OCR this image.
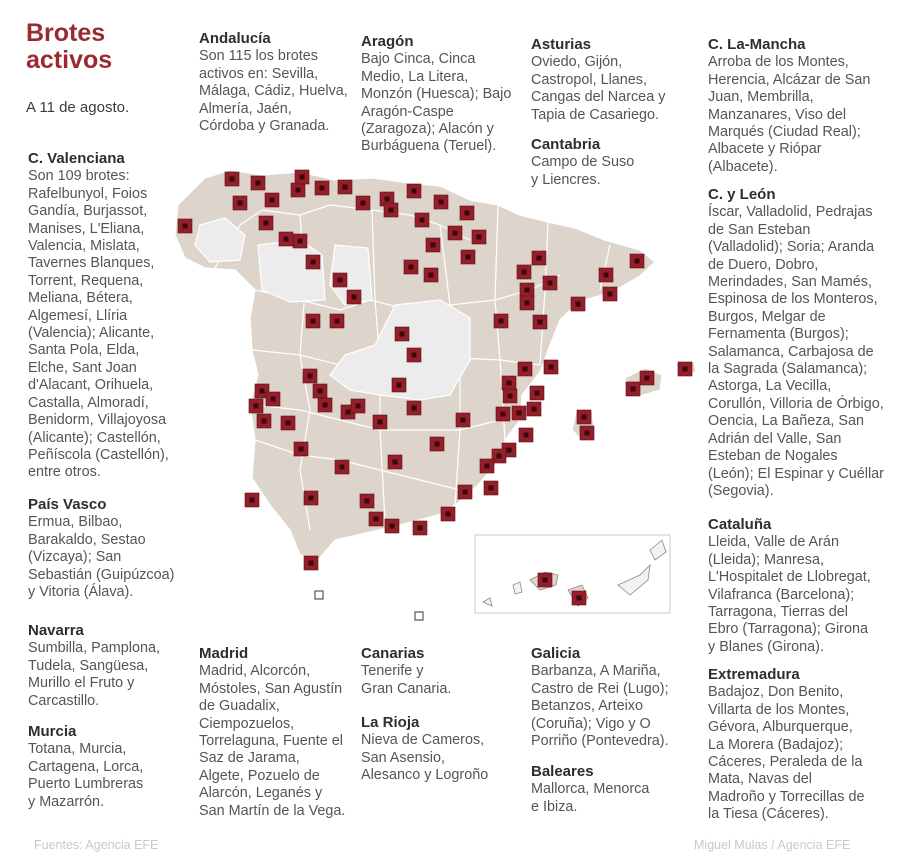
Brotes activos
A 11 de agosto.
C. Valenciana
Son 109 brotes:
Rafelbunyol, Foios
Gandía, Burjassot,
Manises, L'Eliana,
Valencia, Mislata,
Tavernes Blanques,
Torrent, Requena,
Meliana, Bétera,
Algemesí, Llíria
(Valencia); Alicante,
Santa Pola, Elda,
Elche, Sant Joan
d'Alacant, Orihuela,
Castalla, Almoradí,
Benidorm, Villajoyosa
(Alicante); Castellón,
Peñíscola (Castellón),
entre otros.
País Vasco
Ermua, Bilbao,
Barakaldo, Sestao
(Vizcaya); San
Sebastián (Guipúzcoa)
y Vitoria (Álava).
Navarra
Sumbilla, Pamplona,
Tudela, Sangüesa,
Murillo el Fruto y
Carcastillo.
Murcia
Totana, Murcia,
Cartagena, Lorca,
Puerto Lumbreras
y Mazarrón.
Andalucía
Son 115 los brotes
activos en: Sevilla,
Málaga, Cádiz, Huelva,
Almería, Jaén,
Córdoba y Granada.
Aragón
Bajo Cinca, Cinca
Medio, La Litera,
Monzón (Huesca); Bajo
Aragón-Caspe
(Zaragoza); Alacón y
Burbáguena (Teruel).
Asturias
Oviedo, Gijón,
Castropol, Llanes,
Cangas del Narcea y
Tapia de Casariego.
Cantabria
Campo de Suso
y Liencres.
C. La-Mancha
Arroba de los Montes,
Herencia, Alcázar de San
Juan, Membrilla,
Manzanares, Viso del
Marqués (Ciudad Real);
Albacete y Riópar
(Albacete).
C. y León
Íscar, Valladolid, Pedrajas
de San Esteban
(Valladolid); Soria; Aranda
de Duero, Dobro,
Merindades, San Mamés,
Espinosa de los Monteros,
Burgos, Melgar de
Fernamenta (Burgos);
Salamanca, Carbajosa de
la Sagrada (Salamanca);
Astorga, La Vecilla,
Corullón, Villoria de Órbigo,
Oencia, La Bañeza, San
Adrián del Valle, San
Esteban de Nogales
(León); El Espinar y Cuéllar
(Segovia).
Cataluña
Lleida, Valle de Arán
(Lleida); Manresa,
L'Hospitalet de Llobregat,
Vilafranca (Barcelona);
Tarragona, Tierras del
Ebro (Tarragona); Girona
y Blanes (Girona).
Extremadura
Badajoz, Don Benito,
Villarta de los Montes,
Gévora, Alburquerque,
La Morera (Badajoz);
Cáceres, Peraleda de la
Mata, Navas del
Madroño y Torrecillas de
la Tiesa (Cáceres).
Madrid
Madrid, Alcorcón,
Móstoles, San Agustín
de Guadalix,
Ciempozuelos,
Torrelaguna, Fuente el
Saz de Jarama,
Algete, Pozuelo de
Alarcón, Leganés y
San Martín de la Vega.
Canarias
Tenerife y
Gran Canaria.
La Rioja
Nieva de Cameros,
San Asensio,
Alesanco y Logroño
Galicia
Barbanza, A Mariña,
Castro de Rei (Lugo);
Betanzos, Arteixo
(Coruña); Vigo y O
Porriño (Pontevedra).
Baleares
Mallorca, Menorca
e Ibiza.
Fuentes: Agencia EFE	Miguel Mulas / Agencia EFE
